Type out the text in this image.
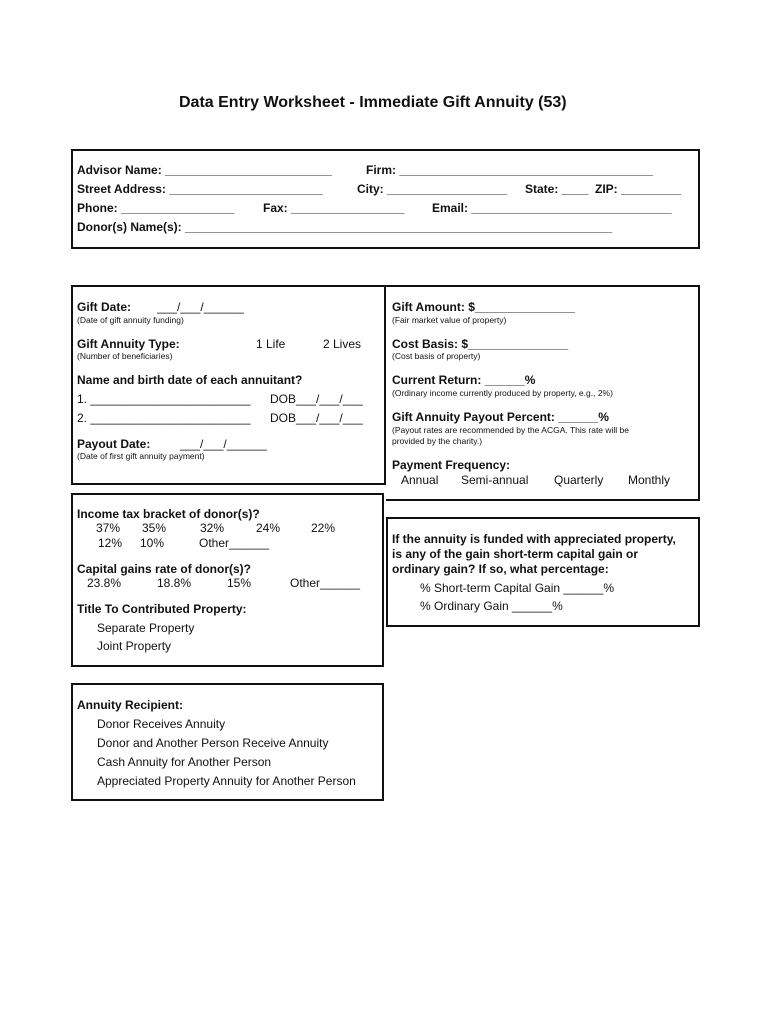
Data Entry Worksheet - Immediate Gift Annuity (53)
Advisor Name: _________________________	Firm: ______________________________________
Street Address: _______________________	City: __________________ State: ____ ZIP: _________
Phone: _________________ Fax: _________________ Email: ______________________________
Donor(s) Name(s): ________________________________________________________________
Gift Date: ___/___/______
(Date of gift annuity funding)
Gift Annuity Type:	1 Life	2 Lives
(Number of beneficiaries)
Name and birth date of each annuitant?
1. ________________________ DOB___/___/___
2. ________________________ DOB___/___/___
Payout Date: ___/___/______
(Date of first gift annuity payment)
Gift Amount: $_______________
(Fair market value of property)
Cost Basis: $_______________
(Cost basis of property)
Current Return: ______%
(Ordinary income currently produced by property, e.g., 2%)
Gift Annuity Payout Percent: ______%
(Payout rates are recommended by the ACGA. This rate will be
provided by the charity.)
Payment Frequency:
Annual Semi-annual Quarterly Monthly
Income tax bracket of donor(s)?
37% 35%	32%	24%	22%
12% 10%	Other______
Capital gains rate of donor(s)?
23.8%	18.8%	15%	Other______
Title To Contributed Property:
Separate Property
Joint Property
If the annuity is funded with appreciated property,
is any of the gain short-term capital gain or
ordinary gain? If so, what percentage:
% Short-term Capital Gain ______%
% Ordinary Gain ______%
Annuity Recipient:
Donor Receives Annuity
Donor and Another Person Receive Annuity
Cash Annuity for Another Person
Appreciated Property Annuity for Another Person
